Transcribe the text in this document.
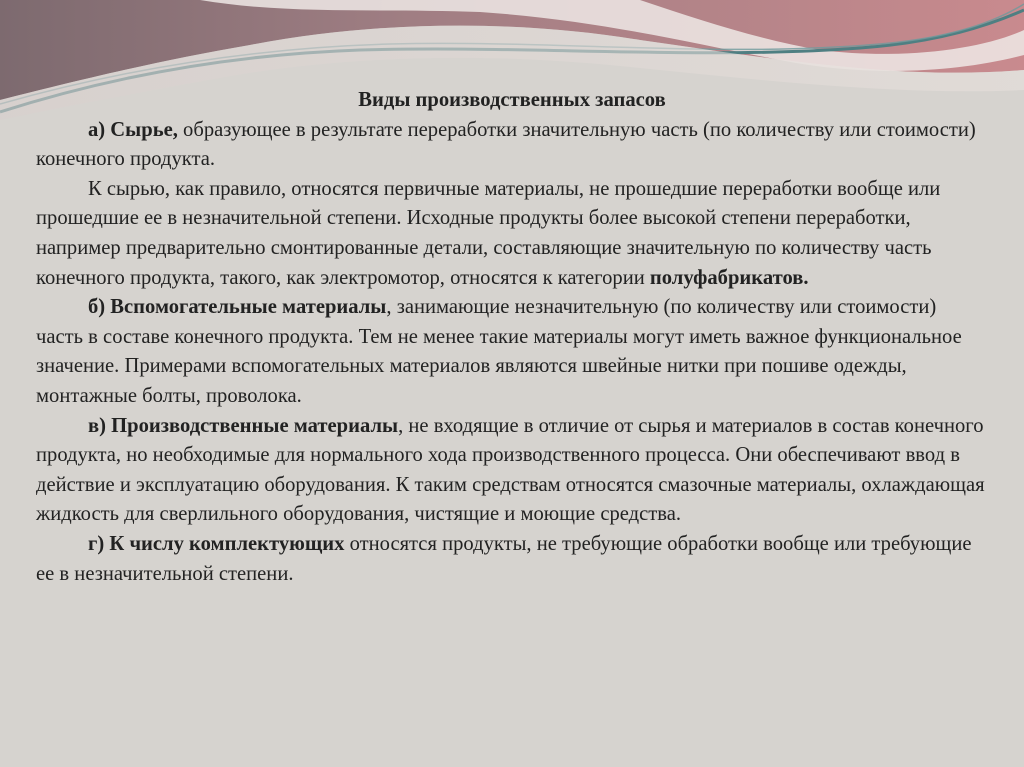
Виды производственных запасов

а) Сырье, образующее в результате переработки значительную часть (по количеству или стоимости) конечного продукта.

К сырью, как правило, относятся первичные материалы, не прошедшие переработки вообще или прошедшие ее в незначительной степени. Исходные продукты более высокой степени переработки, например предварительно смонтированные детали, составляющие значительную по количеству часть конечного продукта, такого, как электромотор, относятся к категории полуфабрикатов.

б) Вспомогательные материалы, занимающие незначительную (по количеству или стоимости) часть в составе конечного продукта. Тем не менее такие материалы могут иметь важное функциональное значение. Примерами вспомогательных материалов являются швейные нитки при пошиве одежды, монтажные болты, проволока.

в) Производственные материалы, не входящие в отличие от сырья и материалов в состав конечного продукта, но необходимые для нормального хода производственного процесса. Они обеспечивают ввод в действие и эксплуатацию оборудования. К таким средствам относятся смазочные материалы, охлаждающая жидкость для сверлильного оборудования, чистящие и моющие средства.

г) К числу комплектующих относятся продукты, не требующие обработки вообще или требующие ее в незначительной степени.
